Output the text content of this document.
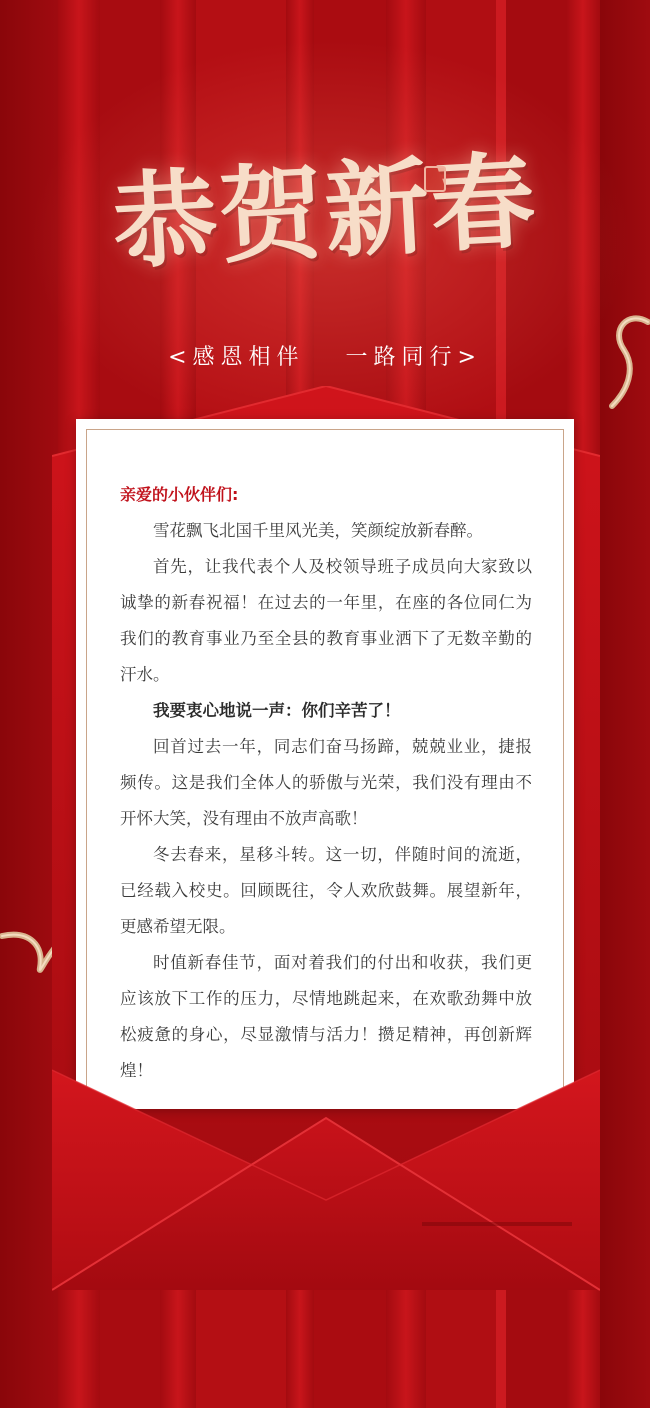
恭贺新春
<感恩相伴　 一路同行>

亲爱的小伙伴们:

雪花飘飞北国千里风光美，笑颜绽放新春醉。

首先，让我代表个人及校领导班子成员向大家致以诚挚的新春祝福！在过去的一年里，在座的各位同仁为我们的教育事业乃至全县的教育事业洒下了无数辛勤的汗水。

我要衷心地说一声：你们辛苦了！

回首过去一年，同志们奋马扬蹄，兢兢业业，捷报频传。这是我们全体人的骄傲与光荣，我们没有理由不开怀大笑，没有理由不放声高歌！

冬去春来，星移斗转。这一切，伴随时间的流逝，已经载入校史。回顾既往，令人欢欣鼓舞。展望新年，更感希望无限。

时值新春佳节，面对着我们的付出和收获，我们更应该放下工作的压力，尽情地跳起来，在欢歌劲舞中放松疲惫的身心，尽显激情与活力！攒足精神，再创新辉煌！
